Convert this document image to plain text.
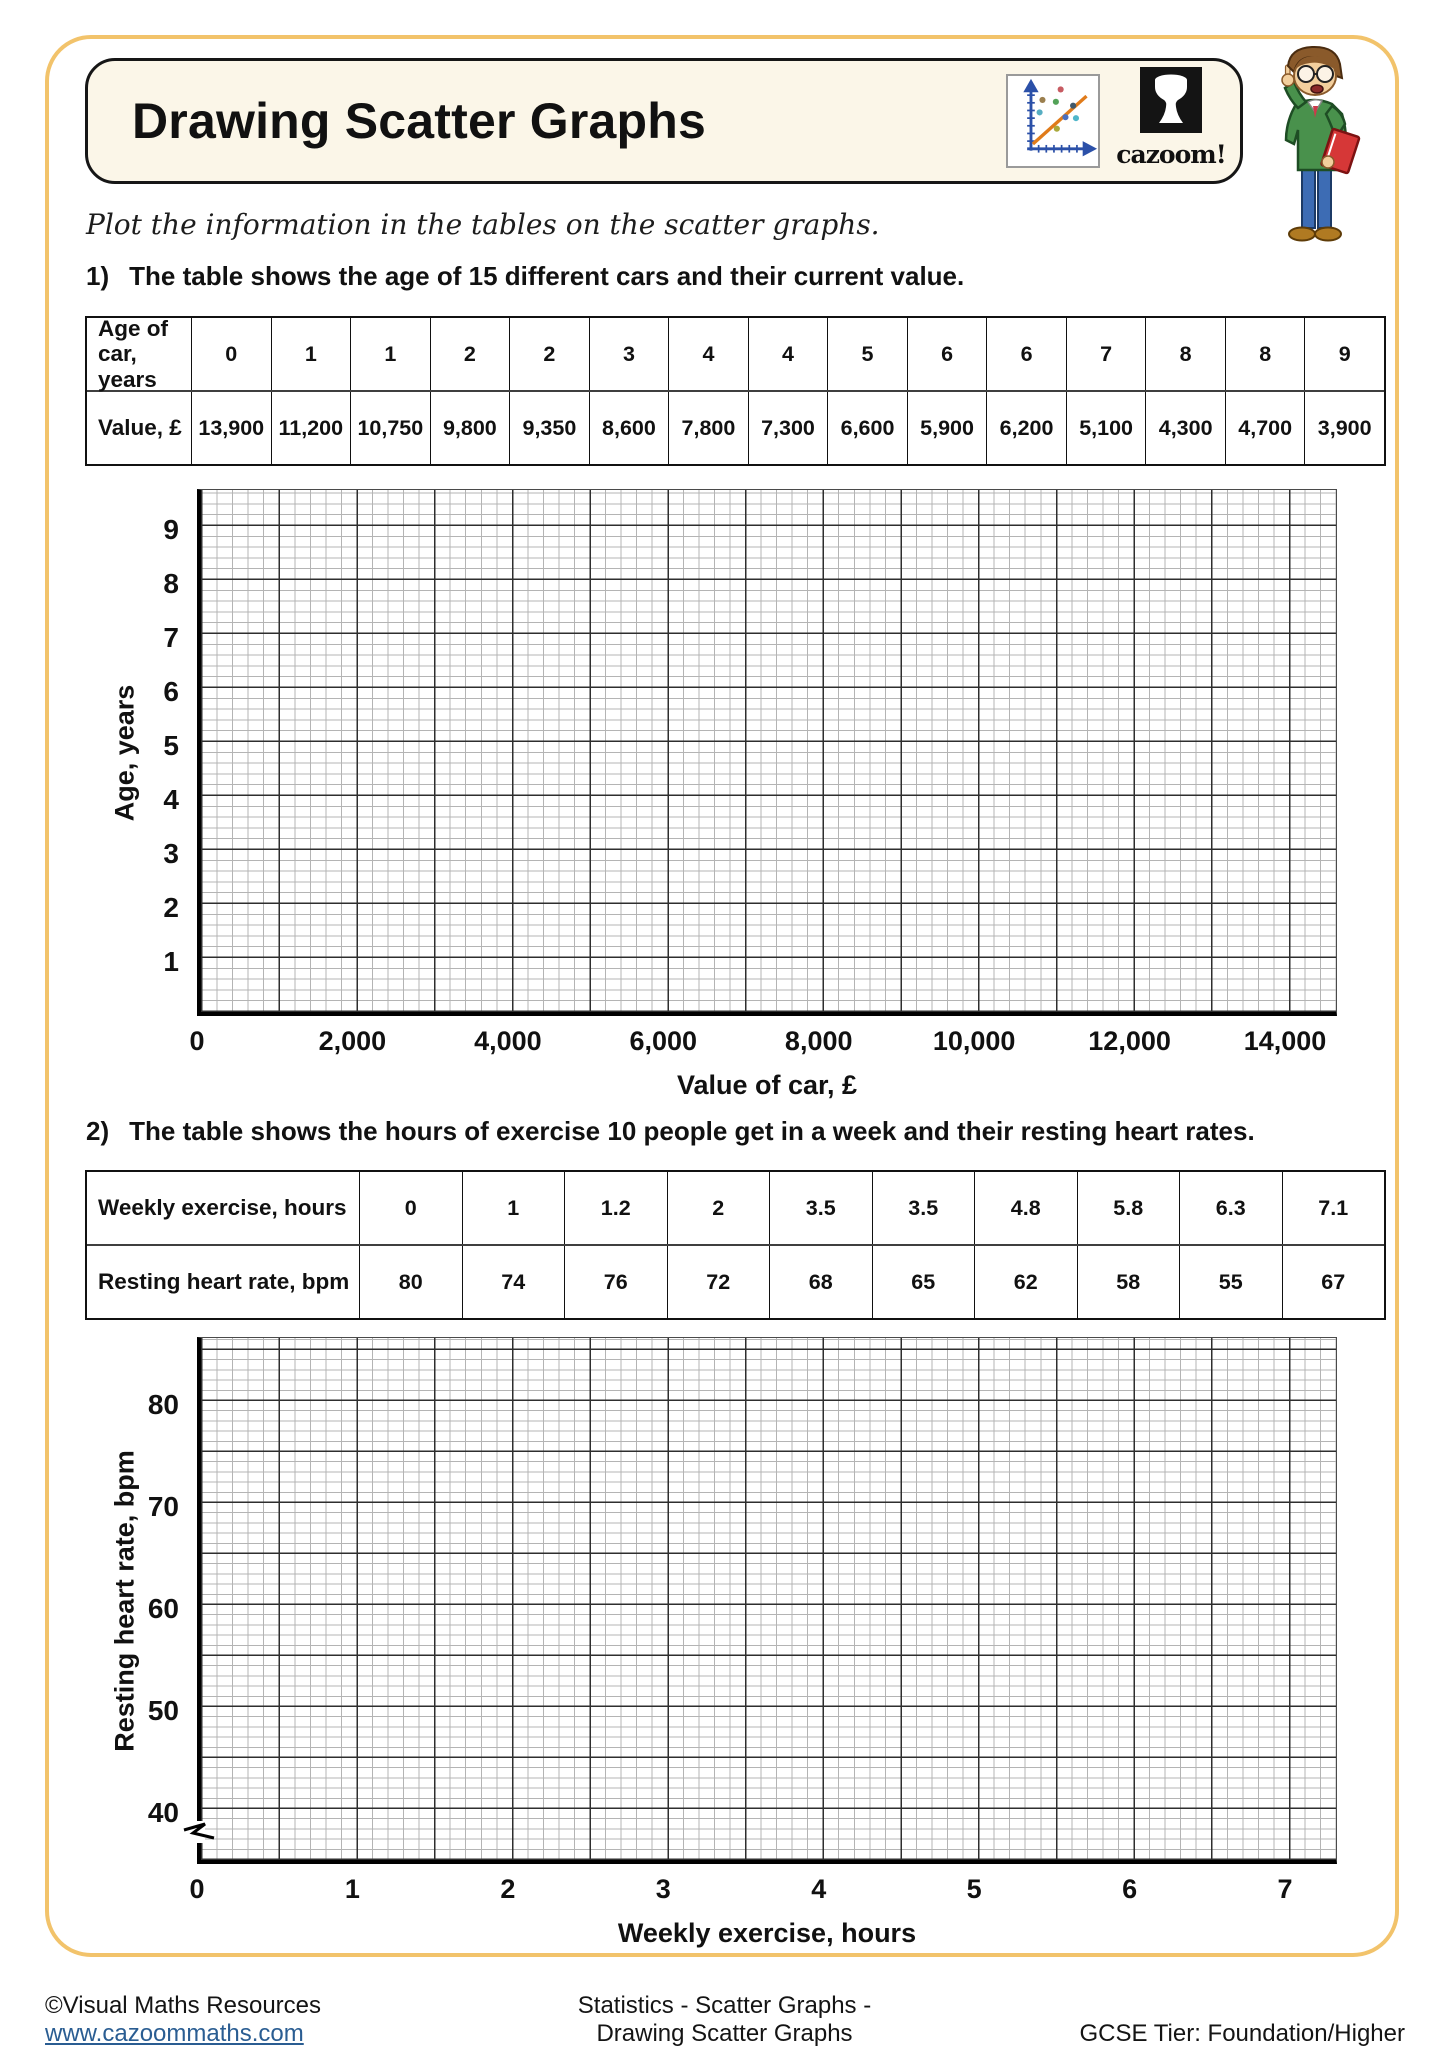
Drawing Scatter Graphs
cazoom!
Plot the information in the tables on the scatter graphs.
1) The table shows the age of 15 different cars and their current value.
Age of car, years
0	1	1	2	2	3	4	4	5	6	6	7	8	8	9
Value, £ 13,900 11,200 10,750 9,800	9,350	8,600	7,800	7,300	6,600	5,900	6,200	5,100	4,300	4,700	3,900
9
8
7
6
5
4
3
2
1
0	2,000	4,000	6,000	8,000	10,000	12,000	14,000
Age, years
Value of car, £
2) The table shows the hours of exercise 10 people get in a week and their resting heart rates.
Weekly exercise, hours	0	1	1.2	2	3.5	3.5	4.8	5.8	6.3	7.1
Resting heart rate, bpm	80	74	76	72	68	65	62	58	55	67
80
70
60
50
40
0	1	2	3	4	5	6	7
Resting heart rate, bpm
Weekly exercise, hours
©Visual Maths Resources
www.cazoommaths.com
Statistics - Scatter Graphs -
Drawing Scatter Graphs	GCSE Tier: Foundation/Higher
